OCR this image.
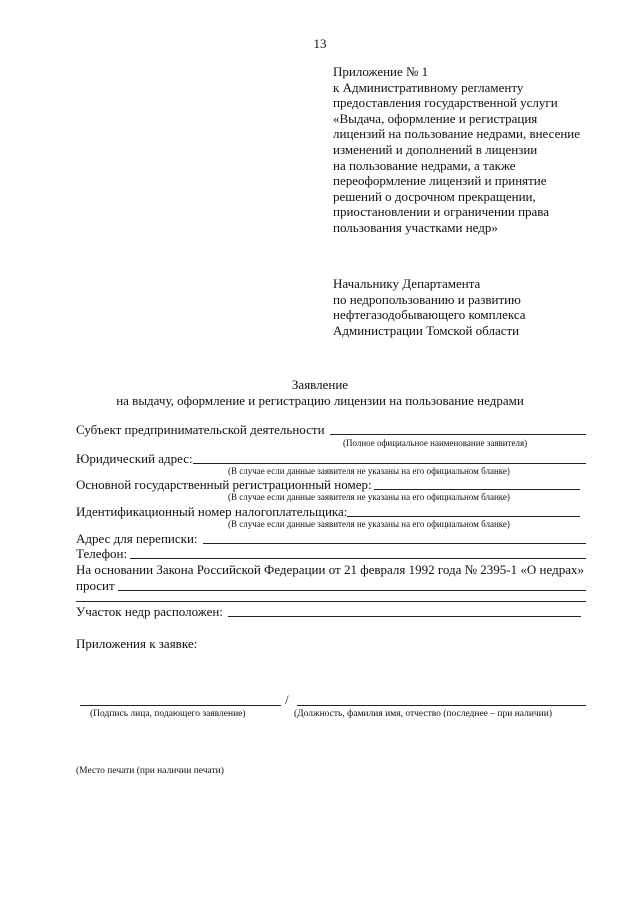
13
Приложение № 1
к Административному регламенту
предоставления государственной услуги
«Выдача, оформление и регистрация
лицензий на пользование недрами, внесение
изменений и дополнений в лицензии
на пользование недрами, а также
переоформление лицензий и принятие
решений о досрочном прекращении,
приостановлении и ограничении права
пользования участками недр»
Начальнику Департамента
по недропользованию и развитию
нефтегазодобывающего комплекса
Администрации Томской области
Заявление
на выдачу, оформление и регистрацию лицензии на пользование недрами
Субъект предпринимательской деятельности
(Полное официальное наименование заявителя)
Юридический адрес:
(В случае если данные заявителя не указаны на его официальном бланке)
Основной государственный регистрационный номер:
(В случае если данные заявителя не указаны на его официальном бланке)
Идентификационный номер налогоплательщика:
(В случае если данные заявителя не указаны на его официальном бланке)
Адрес для переписки:
Телефон:
На основании Закона Российской Федерации от 21 февраля 1992 года № 2395-1 «О недрах»
просит
Участок недр расположен:
Приложения к заявке:
/
(Подпись лица, подающего заявление)	(Должность, фамилия имя, отчество (последнее – при наличии)
(Место печати (при наличии печати)
